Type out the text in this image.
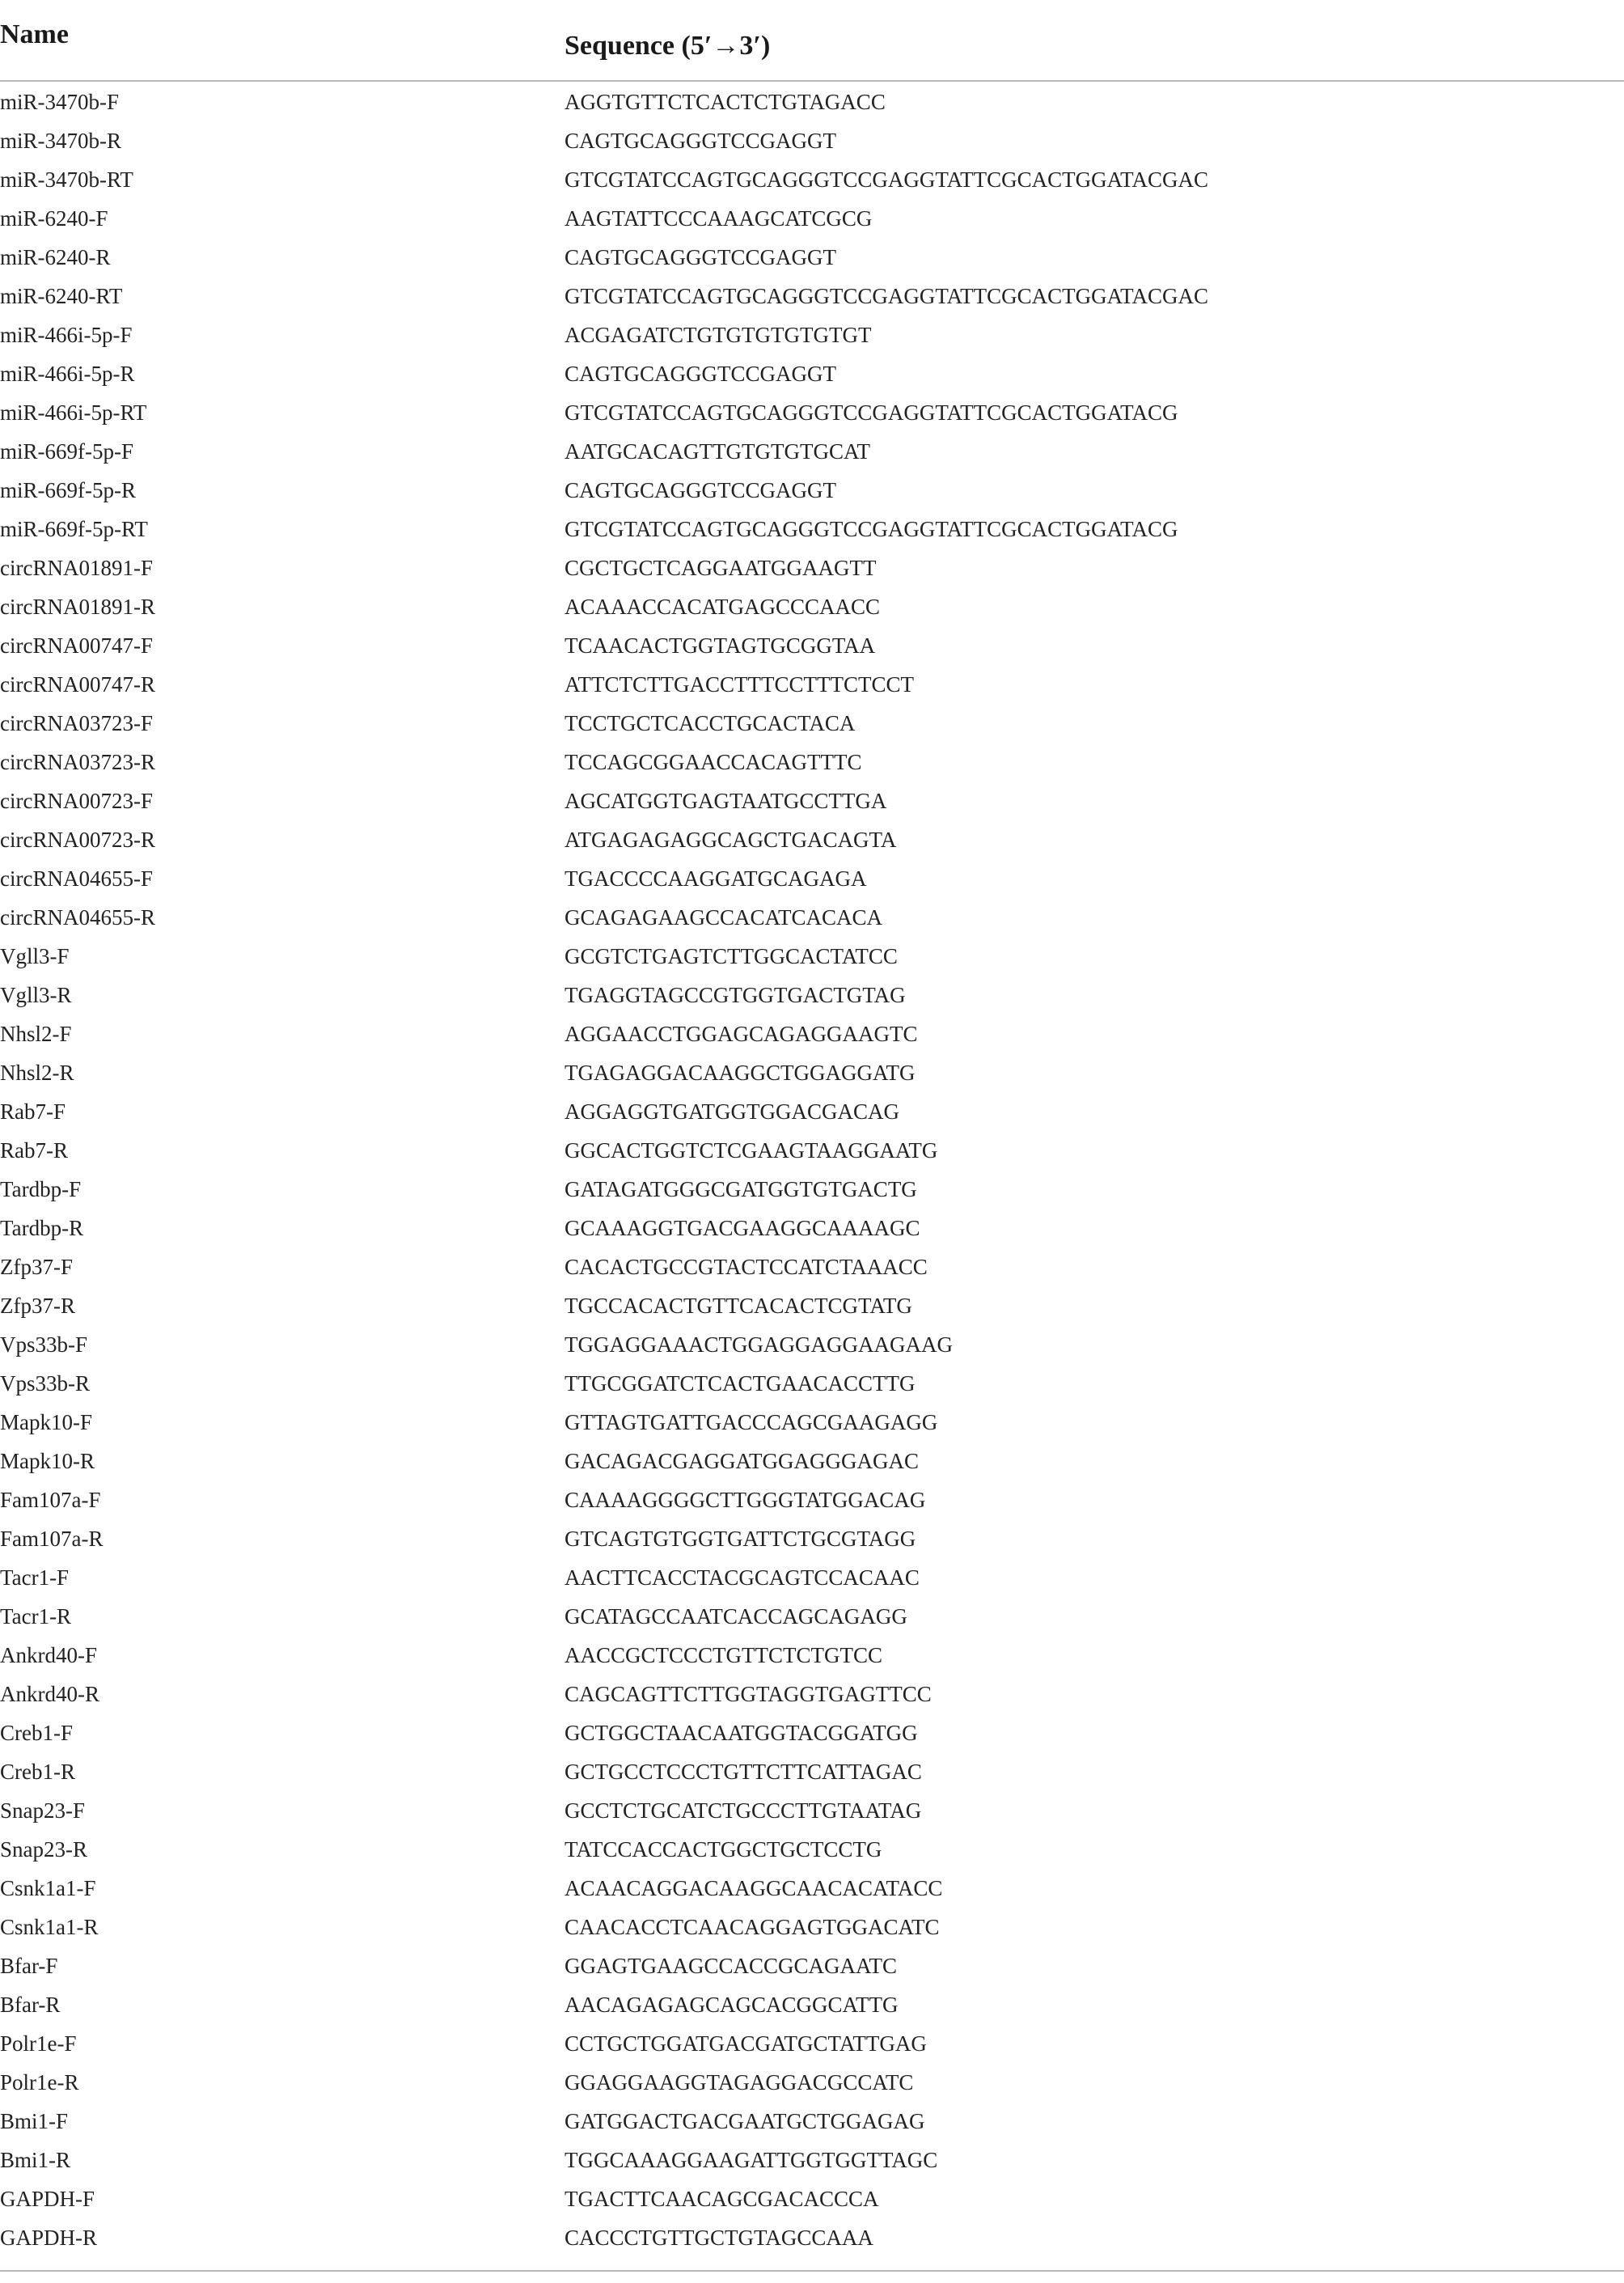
Name	Sequence (5′→3′)
miR-3470b-F	AGGTGTTCTCACTCTGTAGACC
miR-3470b-R	CAGTGCAGGGTCCGAGGT
miR-3470b-RT	GTCGTATCCAGTGCAGGGTCCGAGGTATTCGCACTGGATACGAC
miR-6240-F	AAGTATTCCCAAAGCATCGCG
miR-6240-R	CAGTGCAGGGTCCGAGGT
miR-6240-RT	GTCGTATCCAGTGCAGGGTCCGAGGTATTCGCACTGGATACGAC
miR-466i-5p-F	ACGAGATCTGTGTGTGTGTGT
miR-466i-5p-R	CAGTGCAGGGTCCGAGGT
miR-466i-5p-RT	GTCGTATCCAGTGCAGGGTCCGAGGTATTCGCACTGGATACG
miR-669f-5p-F	AATGCACAGTTGTGTGTGCAT
miR-669f-5p-R	CAGTGCAGGGTCCGAGGT
miR-669f-5p-RT	GTCGTATCCAGTGCAGGGTCCGAGGTATTCGCACTGGATACG
circRNA01891-F	CGCTGCTCAGGAATGGAAGTT
circRNA01891-R	ACAAACCACATGAGCCCAACC
circRNA00747-F	TCAACACTGGTAGTGCGGTAA
circRNA00747-R	ATTCTCTTGACCTTTCCTTTCTCCT
circRNA03723-F	TCCTGCTCACCTGCACTACA
circRNA03723-R	TCCAGCGGAACCACAGTTTC
circRNA00723-F	AGCATGGTGAGTAATGCCTTGA
circRNA00723-R	ATGAGAGAGGCAGCTGACAGTA
circRNA04655-F	TGACCCCAAGGATGCAGAGA
circRNA04655-R	GCAGAGAAGCCACATCACACA
Vgll3-F	GCGTCTGAGTCTTGGCACTATCC
Vgll3-R	TGAGGTAGCCGTGGTGACTGTAG
Nhsl2-F	AGGAACCTGGAGCAGAGGAAGTC
Nhsl2-R	TGAGAGGACAAGGCTGGAGGATG
Rab7-F	AGGAGGTGATGGTGGACGACAG
Rab7-R	GGCACTGGTCTCGAAGTAAGGAATG
Tardbp-F	GATAGATGGGCGATGGTGTGACTG
Tardbp-R	GCAAAGGTGACGAAGGCAAAAGC
Zfp37-F	CACACTGCCGTACTCCATCTAAACC
Zfp37-R	TGCCACACTGTTCACACTCGTATG
Vps33b-F	TGGAGGAAACTGGAGGAGGAAGAAG
Vps33b-R	TTGCGGATCTCACTGAACACCTTG
Mapk10-F	GTTAGTGATTGACCCAGCGAAGAGG
Mapk10-R	GACAGACGAGGATGGAGGGAGAC
Fam107a-F	CAAAAGGGGCTTGGGTATGGACAG
Fam107a-R	GTCAGTGTGGTGATTCTGCGTAGG
Tacr1-F	AACTTCACCTACGCAGTCCACAAC
Tacr1-R	GCATAGCCAATCACCAGCAGAGG
Ankrd40-F	AACCGCTCCCTGTTCTCTGTCC
Ankrd40-R	CAGCAGTTCTTGGTAGGTGAGTTCC
Creb1-F	GCTGGCTAACAATGGTACGGATGG
Creb1-R	GCTGCCTCCCTGTTCTTCATTAGAC
Snap23-F	GCCTCTGCATCTGCCCTTGTAATAG
Snap23-R	TATCCACCACTGGCTGCTCCTG
Csnk1a1-F	ACAACAGGACAAGGCAACACATACC
Csnk1a1-R	CAACACCTCAACAGGAGTGGACATC
Bfar-F	GGAGTGAAGCCACCGCAGAATC
Bfar-R	AACAGAGAGCAGCACGGCATTG
Polr1e-F	CCTGCTGGATGACGATGCTATTGAG
Polr1e-R	GGAGGAAGGTAGAGGACGCCATC
Bmi1-F	GATGGACTGACGAATGCTGGAGAG
Bmi1-R	TGGCAAAGGAAGATTGGTGGTTAGC
GAPDH-F	TGACTTCAACAGCGACACCCA
GAPDH-R	CACCCTGTTGCTGTAGCCAAA
